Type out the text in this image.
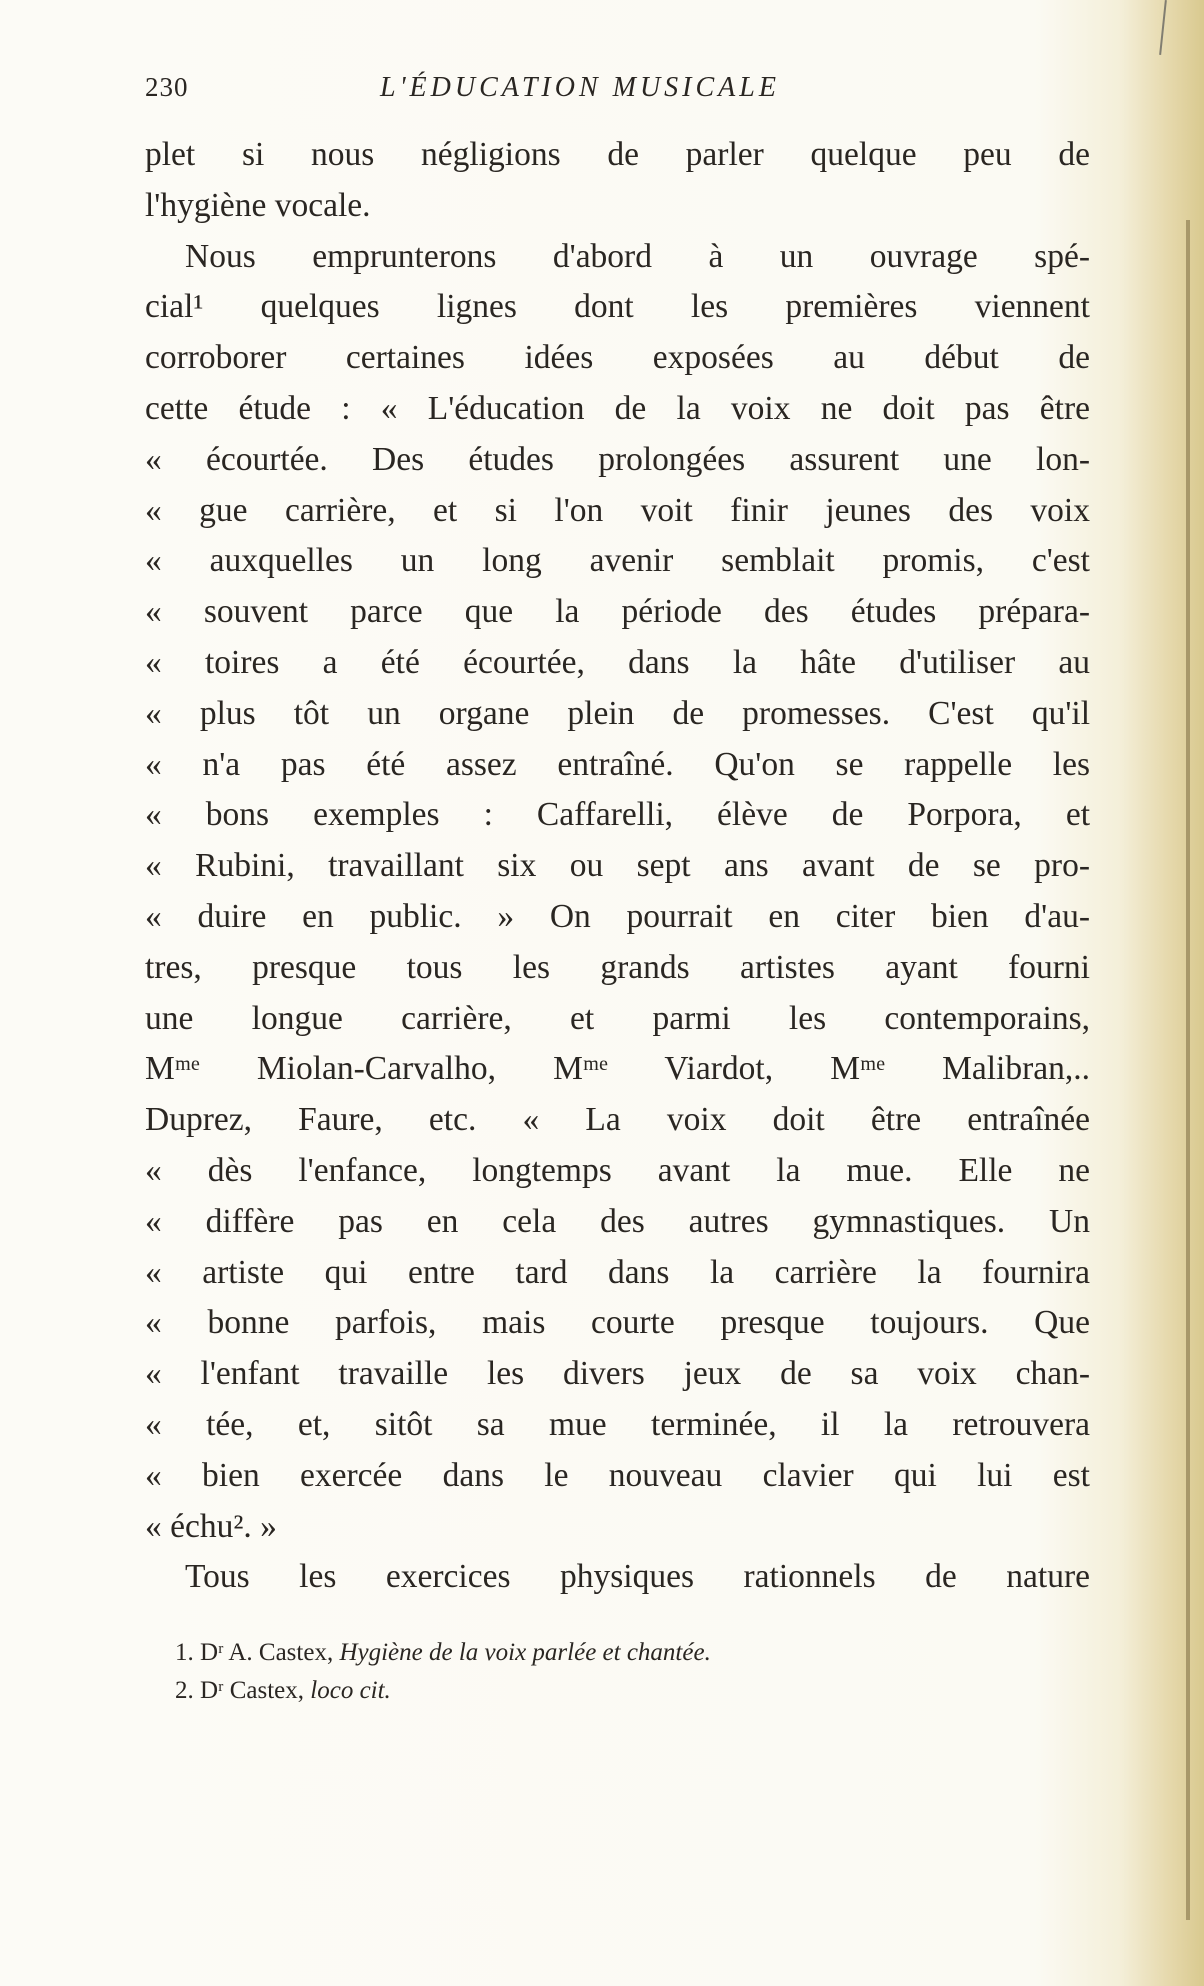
230	L'ÉDUCATION MUSICALE
plet si nous négligions de parler quelque peu de
l'hygiène vocale.
Nous emprunterons d'abord à un ouvrage spé-
cial¹ quelques lignes dont les premières viennent
corroborer certaines idées exposées au début de
cette étude : « L'éducation de la voix ne doit pas être
« écourtée. Des études prolongées assurent une lon-
« gue carrière, et si l'on voit finir jeunes des voix
« auxquelles un long avenir semblait promis, c'est
« souvent parce que la période des études prépara-
« toires a été écourtée, dans la hâte d'utiliser au
« plus tôt un organe plein de promesses. C'est qu'il
« n'a pas été assez entraîné. Qu'on se rappelle les
« bons exemples : Caffarelli, élève de Porpora, et
« Rubini, travaillant six ou sept ans avant de se pro-
« duire en public. » On pourrait en citer bien d'au-
tres, presque tous les grands artistes ayant fourni
une longue carrière, et parmi les contemporains,
Mᵐᵉ Miolan-Carvalho, Mᵐᵉ Viardot, Mᵐᵉ Malibran,..
Duprez, Faure, etc. « La voix doit être entraînée
« dès l'enfance, longtemps avant la mue. Elle ne
« diffère pas en cela des autres gymnastiques. Un
« artiste qui entre tard dans la carrière la fournira
« bonne parfois, mais courte presque toujours. Que
« l'enfant travaille les divers jeux de sa voix chan-
« tée, et, sitôt sa mue terminée, il la retrouvera
« bien exercée dans le nouveau clavier qui lui est
« échu². »
Tous les exercices physiques rationnels de nature
1. Dʳ A. Castex, Hygiène de la voix parlée et chantée.
2. Dʳ Castex, loco cit.
